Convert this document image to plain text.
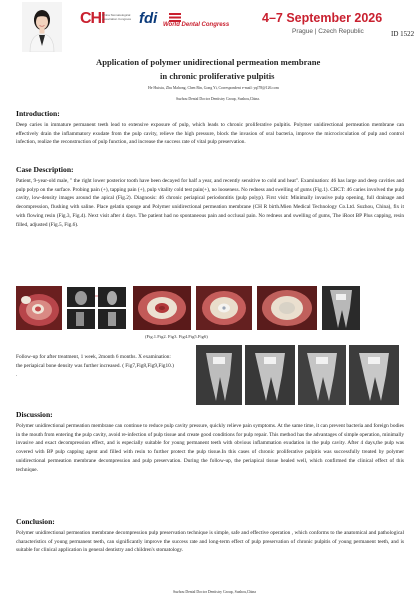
CHI
China Stomatological Association Congress fdi World Dental Congress	4–7 September 2026
Prague | Czech Republic	ID 1522
Application of polymer unidirectional permeation membrane
in chronic proliferative pulpitis
He Huixiu, Zhu Mahong, Chen Bin, Gong Yi, Correspondent e-mail: yql78@126.com
Suzhou Dental Doctor Dentistry Group, Suzhou,China.
Introduction:

Deep caries in immature permanent teeth lead to extensive exposure of pulp, which leads to chronic proliferative pulpitis. Polymer unidirectional permeation membrane can effectively drain the inflammatory exudate from the pulp cavity, relieve the high pressure, block the invasion of oral bacteria, improve the microcirculation of pulp and control infection, realize the reconstruction of pulp function, and increase the success rate of vital pulp preservation.

Case Description:

Patient, 9-year-old male, " the right lower posterior tooth have been decayed for half a year, and recently sensitive to cold and heat". Examination: 46 has large and deep cavities and pulp polyp on the surface. Probing pain (+), tapping pain (+), pulp vitality cold test pain(+), no looseness. No redness and swelling of gums (Fig.1). CBCT: 46 caries involved the pulp cavity, low-density images around the apical (Fig.2). Diagnosis: 46 chronic periapical periodontitis (pulp polyp). First visit: Minimally invasive pulp opening, full drainage and decompression, flushing with saline. Place gelatin sponge and Polymer unidirectional permeation membrane (CH R birth.Mien Medical Technology Co.Ltd. Suzhou, China), fix it with flowing resin (Fig.3, Fig.4). Next visit after 4 days. The patient had no spontaneous pain and occlusal pain. No redness and swelling of gums, The iRoot BP Plus capping, resin filled, adjusted (Fig.5, Fig.6).

(Fig.1.Fig2. Fig3. Fig4.Fig5.Fig6)

Follow-up for after treatment, 1 week, 2month 6 months. X examination: the periapical bone density was further increased. ( Fig7,Fig8,Fig9,Fig10.) .

Discussion:

Polymer unidirectional permeation membrane can continue to reduce pulp cavity pressure, quickly relieve pain symptoms. At the same time, it can prevent bacteria and foreign bodies in the mouth from entering the pulp cavity, avoid re-infection of pulp tissue and create good conditions for pulp repair. This method has the advantages of simple operation, minimally invasive and exact decompression effect, and is especially suitable for young permanent teeth with obvious inflammation exudation in the pulp cavity. After 4 days,the pulp was covered with BP pulp capping agent and filled with resin to further protect the pulp tissue.In this cases of chronic proliferative pulpitis was successfully treated by polymer unidirectional permeation membrane decompression and pulp preservation. During the follow-up, the periapical tissue healed well, which confirmed the clinical effect of this technique.

Conclusion:

Polymer unidirectional permeation membrane decompression pulp preservation technique is simple, safe and effective operation , which conforms to the anatomical and pathological characteristics of young permanent teeth, can significantly improve the success rate and long-term effect of pulp preservation of chronic pulpitis of young permanent teeth, and is suitable for clinical application in general dentistry and children's stomatology.

Suzhou Dental Doctor Dentistry Group, Suzhou,China
